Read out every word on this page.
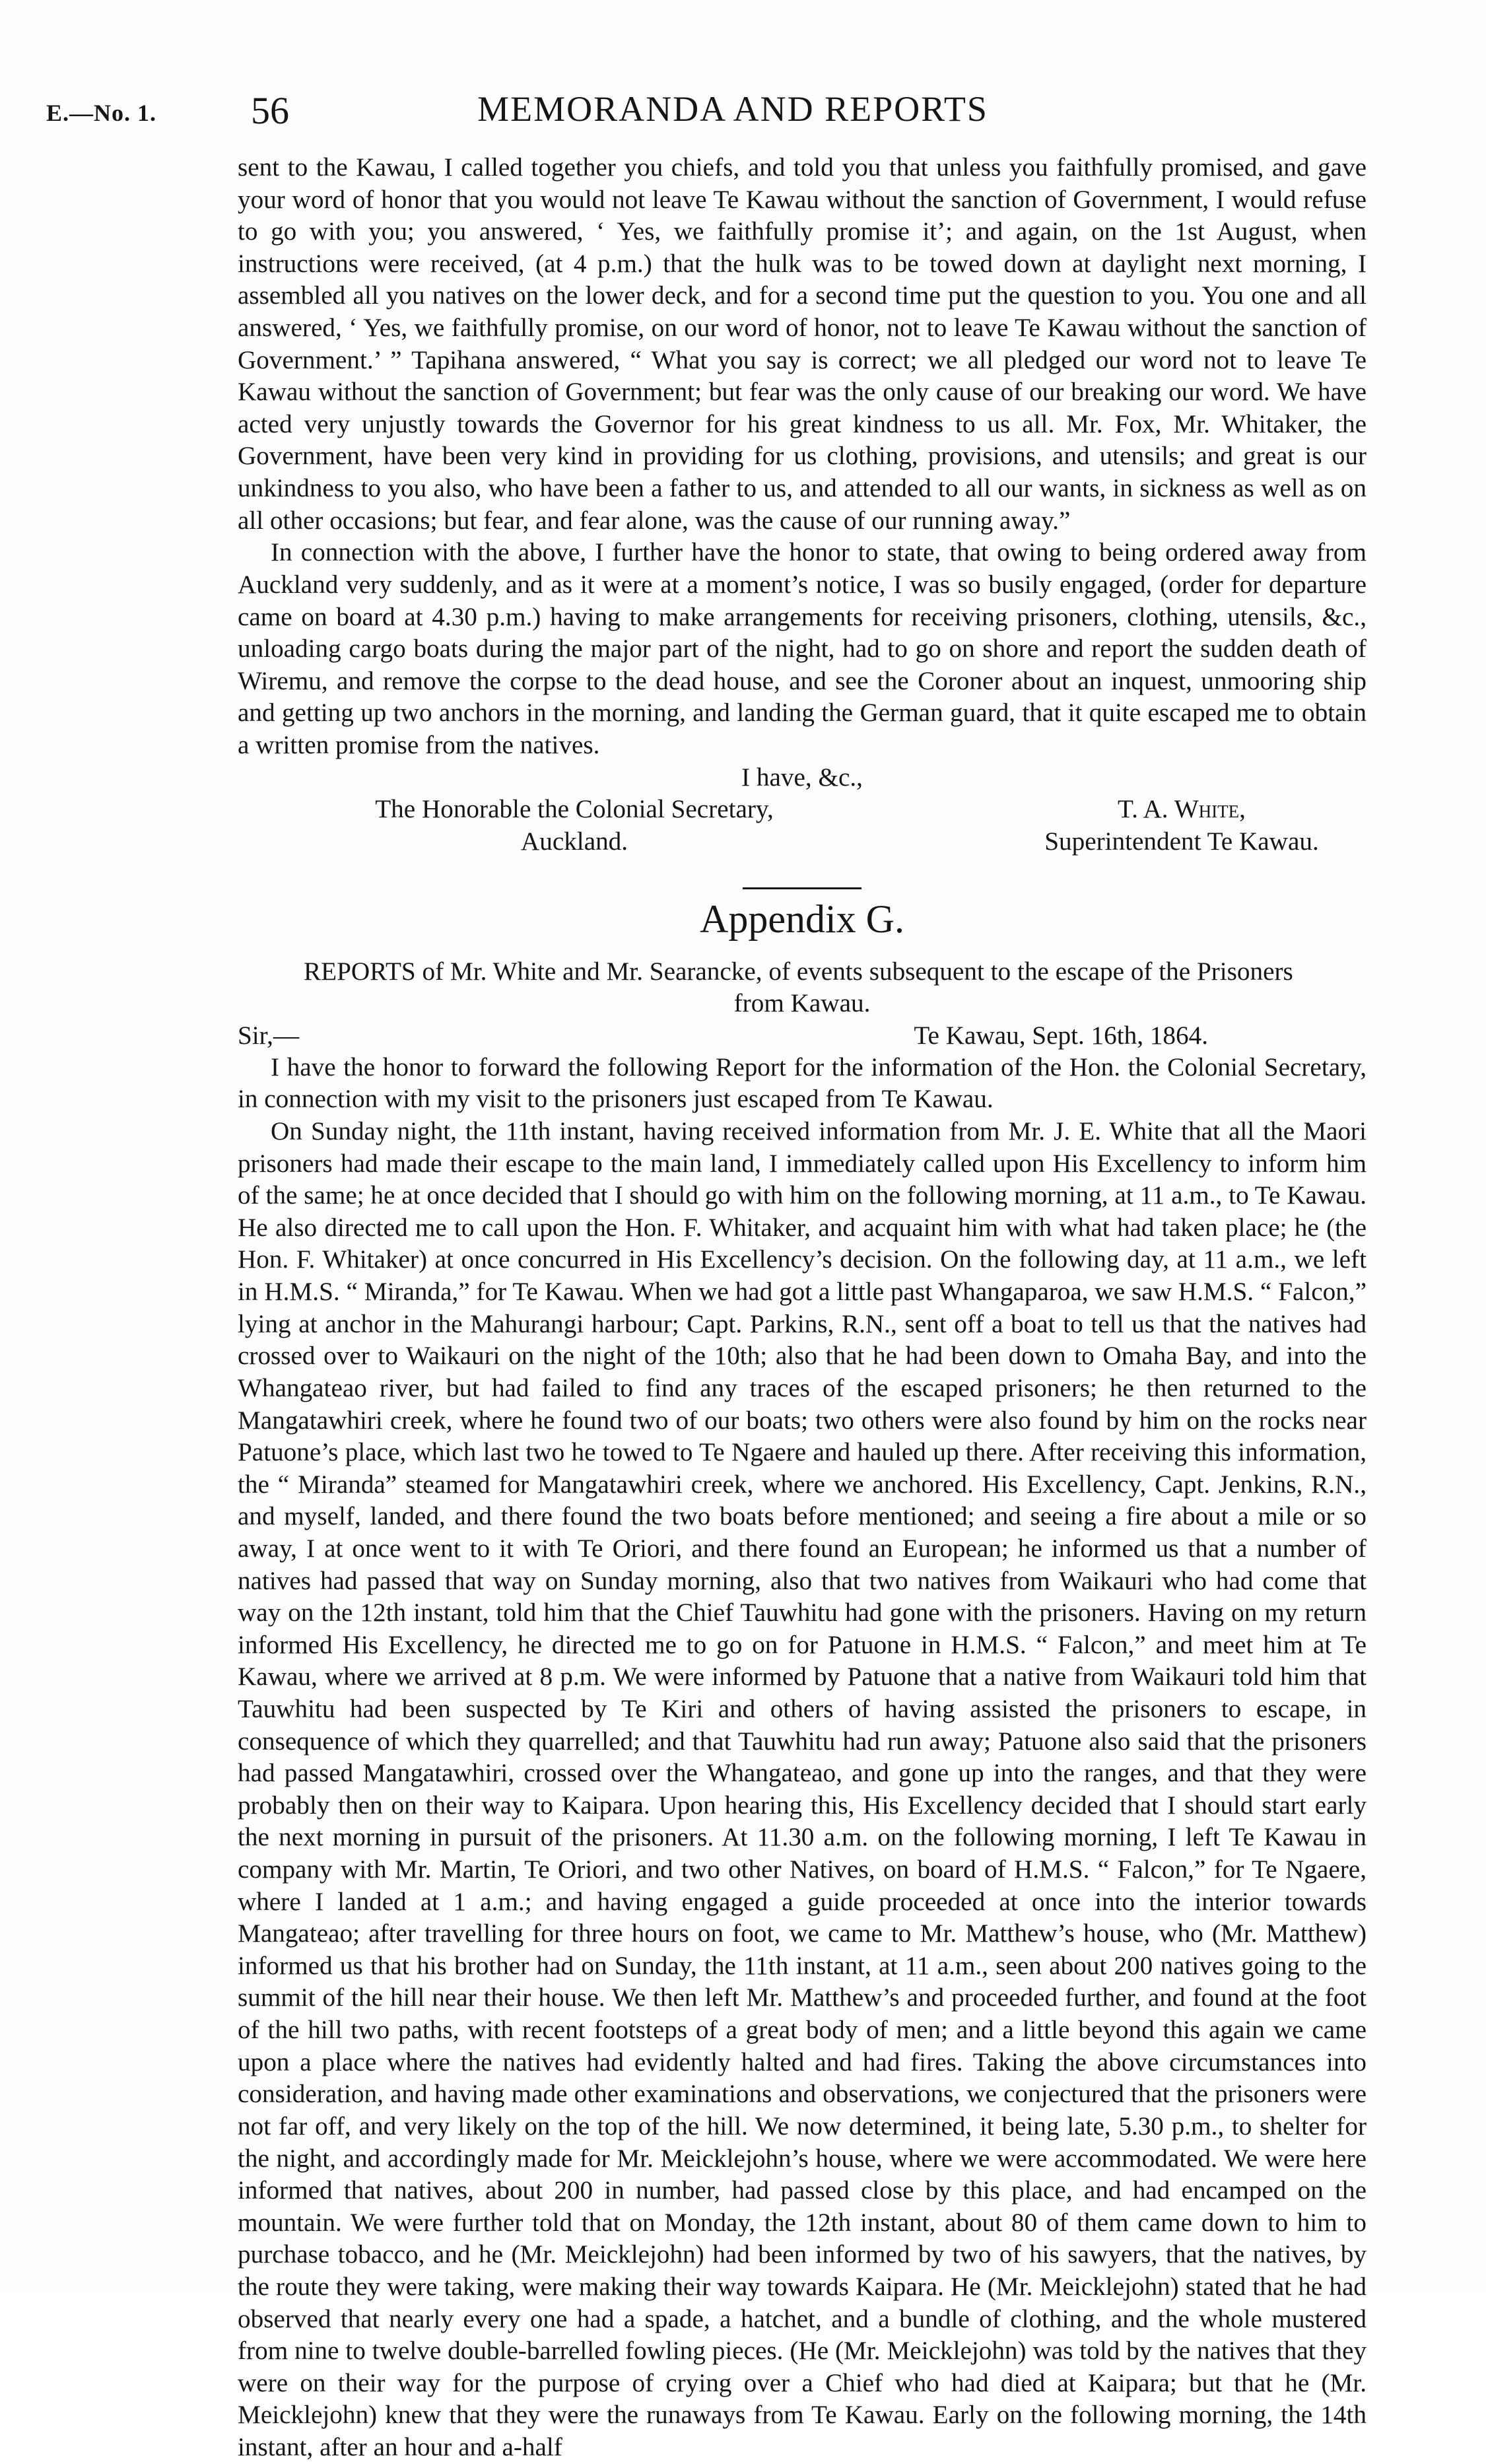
E.—No. 1. 56	MEMORANDA AND REPORTS

sent to the Kawau, I called together you chiefs, and told you that unless you faithfully promised, and gave your word of honor that you would not leave Te Kawau without the sanction of Government, I would refuse to go with you; you answered, ‘ Yes, we faithfully promise it’; and again, on the 1st August, when instructions were received, (at 4 p.m.) that the hulk was to be towed down at daylight next morning, I assembled all you natives on the lower deck, and for a second time put the question to you. You one and all answered, ‘ Yes, we faithfully promise, on our word of honor, not to leave Te Kawau without the sanction of Government.’ ” Tapihana answered, “ What you say is correct; we all pledged our word not to leave Te Kawau without the sanction of Government; but fear was the only cause of our breaking our word. We have acted very unjustly towards the Governor for his great kindness to us all. Mr. Fox, Mr. Whitaker, the Government, have been very kind in providing for us clothing, provisions, and utensils; and great is our unkindness to you also, who have been a father to us, and attended to all our wants, in sickness as well as on all other occasions; but fear, and fear alone, was the cause of our running away.”

In connection with the above, I further have the honor to state, that owing to being ordered away from Auckland very suddenly, and as it were at a moment’s notice, I was so busily engaged, (order for departure came on board at 4.30 p.m.) having to make arrangements for receiving prisoners, clothing, utensils, &c., unloading cargo boats during the major part of the night, had to go on shore and report the sudden death of Wiremu, and remove the corpse to the dead house, and see the Coroner about an inquest, unmooring ship and getting up two anchors in the morning, and landing the German guard, that it quite escaped me to obtain a written promise from the natives.

I have, &c.,

The Honorable the Colonial Secretary,
Auckland.
T. A. White,
Superintendent Te Kawau.
Appendix G.

REPORTS of Mr. White and Mr. Searancke, of events subsequent to the escape of the Prisoners

from Kawau.

Sir,—	Te Kawau, Sept. 16th, 1864.

I have the honor to forward the following Report for the information of the Hon. the Colonial Secretary, in connection with my visit to the prisoners just escaped from Te Kawau.

On Sunday night, the 11th instant, having received information from Mr. J. E. White that all the Maori prisoners had made their escape to the main land, I immediately called upon His Excellency to inform him of the same; he at once decided that I should go with him on the following morning, at 11 a.m., to Te Kawau. He also directed me to call upon the Hon. F. Whitaker, and acquaint him with what had taken place; he (the Hon. F. Whitaker) at once concurred in His Excellency’s decision. On the following day, at 11 a.m., we left in H.M.S. “ Miranda,” for Te Kawau. When we had got a little past Whangaparoa, we saw H.M.S. “ Falcon,” lying at anchor in the Mahurangi harbour; Capt. Parkins, R.N., sent off a boat to tell us that the natives had crossed over to Waikauri on the night of the 10th; also that he had been down to Omaha Bay, and into the Whangateao river, but had failed to find any traces of the escaped prisoners; he then returned to the Mangatawhiri creek, where he found two of our boats; two others were also found by him on the rocks near Patuone’s place, which last two he towed to Te Ngaere and hauled up there. After receiving this information, the “ Miranda” steamed for Mangatawhiri creek, where we anchored. His Excellency, Capt. Jenkins, R.N., and myself, landed, and there found the two boats before mentioned; and seeing a fire about a mile or so away, I at once went to it with Te Oriori, and there found an European; he informed us that a number of natives had passed that way on Sunday morning, also that two natives from Waikauri who had come that way on the 12th instant, told him that the Chief Tauwhitu had gone with the prisoners. Having on my return informed His Excellency, he directed me to go on for Patuone in H.M.S. “ Falcon,” and meet him at Te Kawau, where we arrived at 8 p.m. We were informed by Patuone that a native from Waikauri told him that Tauwhitu had been suspected by Te Kiri and others of having assisted the prisoners to escape, in consequence of which they quarrelled; and that Tauwhitu had run away; Patuone also said that the prisoners had passed Mangatawhiri, crossed over the Whangateao, and gone up into the ranges, and that they were probably then on their way to Kaipara. Upon hearing this, His Excellency decided that I should start early the next morning in pursuit of the prisoners. At 11.30 a.m. on the following morning, I left Te Kawau in company with Mr. Martin, Te Oriori, and two other Natives, on board of H.M.S. “ Falcon,” for Te Ngaere, where I landed at 1 a.m.; and having engaged a guide proceeded at once into the interior towards Mangateao; after travelling for three hours on foot, we came to Mr. Matthew’s house, who (Mr. Matthew) informed us that his brother had on Sunday, the 11th instant, at 11 a.m., seen about 200 natives going to the summit of the hill near their house. We then left Mr. Matthew’s and proceeded further, and found at the foot of the hill two paths, with recent footsteps of a great body of men; and a little beyond this again we came upon a place where the natives had evidently halted and had fires. Taking the above circumstances into consideration, and having made other examinations and observations, we conjectured that the prisoners were not far off, and very likely on the top of the hill. We now determined, it being late, 5.30 p.m., to shelter for the night, and accordingly made for Mr. Meicklejohn’s house, where we were accommodated. We were here informed that natives, about 200 in number, had passed close by this place, and had encamped on the mountain. We were further told that on Monday, the 12th instant, about 80 of them came down to him to purchase tobacco, and he (Mr. Meicklejohn) had been informed by two of his sawyers, that the natives, by the route they were taking, were making their way towards Kaipara. He (Mr. Meicklejohn) stated that he had observed that nearly every one had a spade, a hatchet, and a bundle of clothing, and the whole mustered from nine to twelve double-barrelled fowling pieces. (He (Mr. Meicklejohn) was told by the natives that they were on their way for the purpose of crying over a Chief who had died at Kaipara; but that he (Mr. Meicklejohn) knew that they were the runaways from Te Kawau. Early on the following morning, the 14th instant, after an hour and a-half
